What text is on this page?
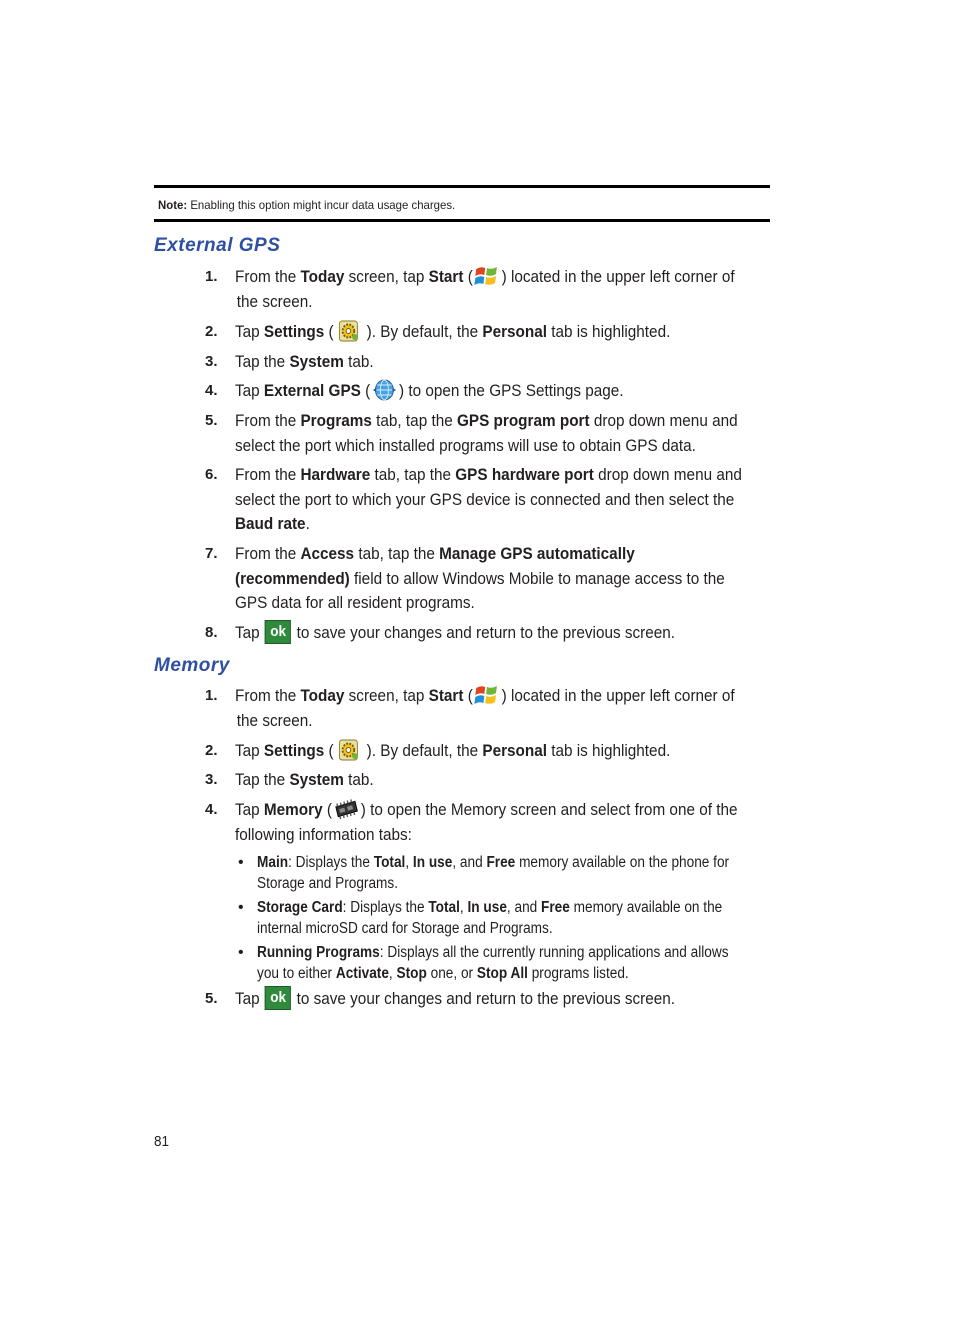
Note: Enabling this option might incur data usage charges.
External GPS
1. From the Today screen, tap Start ( ) located in the upper left corner of
the screen.
2. Tap Settings (
). By default, the Personal tab is highlighted.
3. Tap the System tab.
4. Tap External GPS ( ) to open the GPS Settings page.
5. From the Programs tab, tap the GPS program port drop down menu and
select the port which installed programs will use to obtain GPS data.
6. From the Hardware tab, tap the GPS hardware port drop down menu and
select the port to which your GPS device is connected and then select the
Baud rate.
7. From the Access tab, tap the Manage GPS automatically
(recommended) field to allow Windows Mobile to manage access to the
GPS data for all resident programs.
8. Tap ok to save your changes and return to the previous screen.
Memory
1. From the Today screen, tap Start ( ) located in the upper left corner of
the screen.
2. Tap Settings (
). By default, the Personal tab is highlighted.
3. Tap the System tab.
4. Tap Memory ( ) to open the Memory screen and select from one of the
following information tabs:
• Main: Displays the Total, In use, and Free memory available on the phone for
Storage and Programs.
• Storage Card: Displays the Total, In use, and Free memory available on the
internal microSD card for Storage and Programs.
• Running Programs: Displays all the currently running applications and allows
you to either Activate, Stop one, or Stop All programs listed.
5. Tap ok to save your changes and return to the previous screen.
81
